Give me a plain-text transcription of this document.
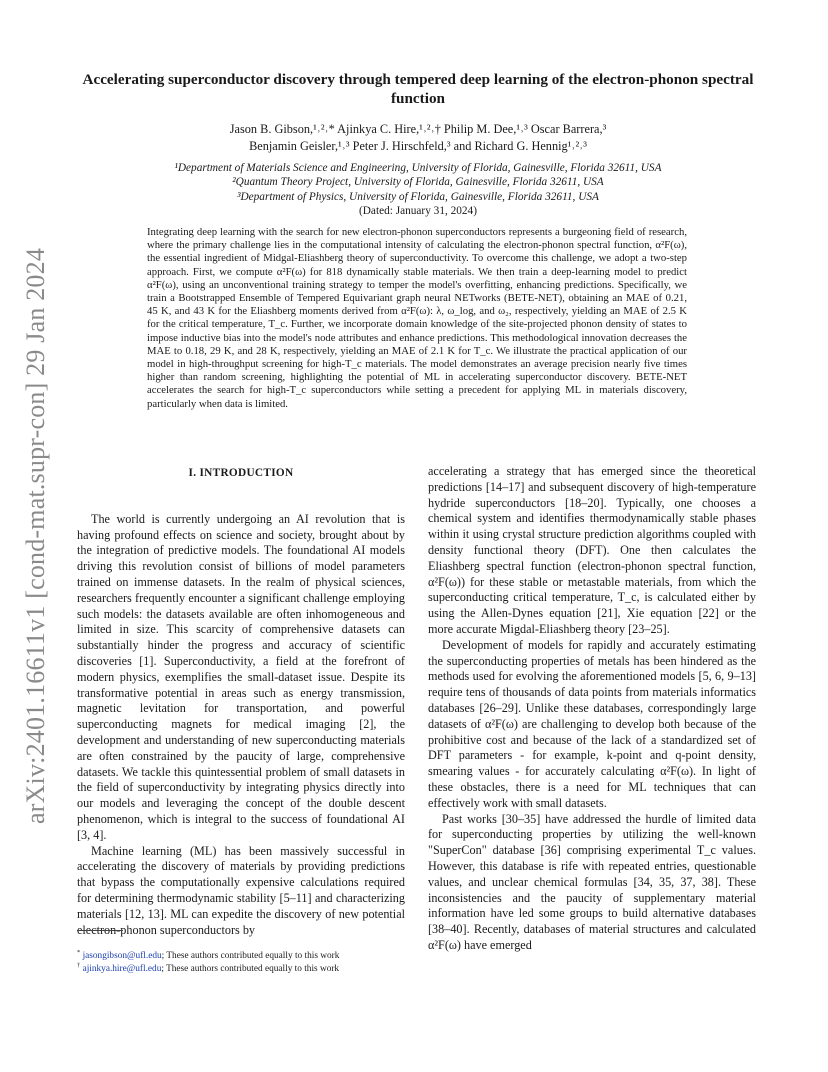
arXiv:2401.16611v1 [cond-mat.supr-con] 29 Jan 2024
Accelerating superconductor discovery through tempered deep learning of the electron-phonon spectral function
Jason B. Gibson,¹˒²˒* Ajinkya C. Hire,¹˒²˒† Philip M. Dee,¹˒³ Oscar Barrera,³
Benjamin Geisler,¹˒³ Peter J. Hirschfeld,³ and Richard G. Hennig¹˒²˒³
¹Department of Materials Science and Engineering, University of Florida, Gainesville, Florida 32611, USA
²Quantum Theory Project, University of Florida, Gainesville, Florida 32611, USA
³Department of Physics, University of Florida, Gainesville, Florida 32611, USA
(Dated: January 31, 2024)
Integrating deep learning with the search for new electron-phonon superconductors represents a burgeoning field of research, where the primary challenge lies in the computational intensity of calculating the electron-phonon spectral function, α²F(ω), the essential ingredient of Midgal-Eliashberg theory of superconductivity. To overcome this challenge, we adopt a two-step approach. First, we compute α²F(ω) for 818 dynamically stable materials. We then train a deep-learning model to predict α²F(ω), using an unconventional training strategy to temper the model's overfitting, enhancing predictions. Specifically, we train a Bootstrapped Ensemble of Tempered Equivariant graph neural NETworks (BETE-NET), obtaining an MAE of 0.21, 45 K, and 43 K for the Eliashberg moments derived from α²F(ω): λ, ω_log, and ω₂, respectively, yielding an MAE of 2.5 K for the critical temperature, T_c. Further, we incorporate domain knowledge of the site-projected phonon density of states to impose inductive bias into the model's node attributes and enhance predictions. This methodological innovation decreases the MAE to 0.18, 29 K, and 28 K, respectively, yielding an MAE of 2.1 K for T_c. We illustrate the practical application of our model in high-throughput screening for high-T_c materials. The model demonstrates an average precision nearly five times higher than random screening, highlighting the potential of ML in accelerating superconductor discovery. BETE-NET accelerates the search for high-T_c superconductors while setting a precedent for applying ML in materials discovery, particularly when data is limited.
I. INTRODUCTION

The world is currently undergoing an AI revolution that is having profound effects on science and society, brought about by the integration of predictive models. The foundational AI models driving this revolution consist of billions of model parameters trained on immense datasets. In the realm of physical sciences, researchers frequently encounter a significant challenge employing such models: the datasets available are often inhomogeneous and limited in size. This scarcity of comprehensive datasets can substantially hinder the progress and accuracy of scientific discoveries [1]. Superconductivity, a field at the forefront of modern physics, exemplifies the small-dataset issue. Despite its transformative potential in areas such as energy transmission, magnetic levitation for transportation, and powerful superconducting magnets for medical imaging [2], the development and understanding of new superconducting materials are often constrained by the paucity of large, comprehensive datasets. We tackle this quintessential problem of small datasets in the field of superconductivity by integrating physics directly into our models and leveraging the concept of the double descent phenomenon, which is integral to the success of foundational AI [3, 4].

Machine learning (ML) has been massively successful in accelerating the discovery of materials by providing predictions that bypass the computationally expensive calculations required for determining thermodynamic stability [5–11] and characterizing materials [12, 13]. ML can expedite the discovery of new potential electron-phonon superconductors by

accelerating a strategy that has emerged since the theoretical predictions [14–17] and subsequent discovery of high-temperature hydride superconductors [18–20]. Typically, one chooses a chemical system and identifies thermodynamically stable phases within it using crystal structure prediction algorithms coupled with density functional theory (DFT). One then calculates the Eliashberg spectral function (electron-phonon spectral function, α²F(ω)) for these stable or metastable materials, from which the superconducting critical temperature, T_c, is calculated either by using the Allen-Dynes equation [21], Xie equation [22] or the more accurate Migdal-Eliashberg theory [23–25].

Development of models for rapidly and accurately estimating the superconducting properties of metals has been hindered as the methods used for evolving the aforementioned models [5, 6, 9–13] require tens of thousands of data points from materials informatics databases [26–29]. Unlike these databases, correspondingly large datasets of α²F(ω) are challenging to develop both because of the prohibitive cost and because of the lack of a standardized set of DFT parameters - for example, k-point and q-point density, smearing values - for accurately calculating α²F(ω). In light of these obstacles, there is a need for ML techniques that can effectively work with small datasets.

Past works [30–35] have addressed the hurdle of limited data for superconducting properties by utilizing the well-known "SuperCon" database [36] comprising experimental T_c values. However, this database is rife with repeated entries, questionable values, and unclear chemical formulas [34, 35, 37, 38]. These inconsistencies and the paucity of supplementary material information have led some groups to build alternative databases [38–40]. Recently, databases of material structures and calculated α²F(ω) have emerged

* jasongibson@ufl.edu; These authors contributed equally to this work
† ajinkya.hire@ufl.edu; These authors contributed equally to this work
